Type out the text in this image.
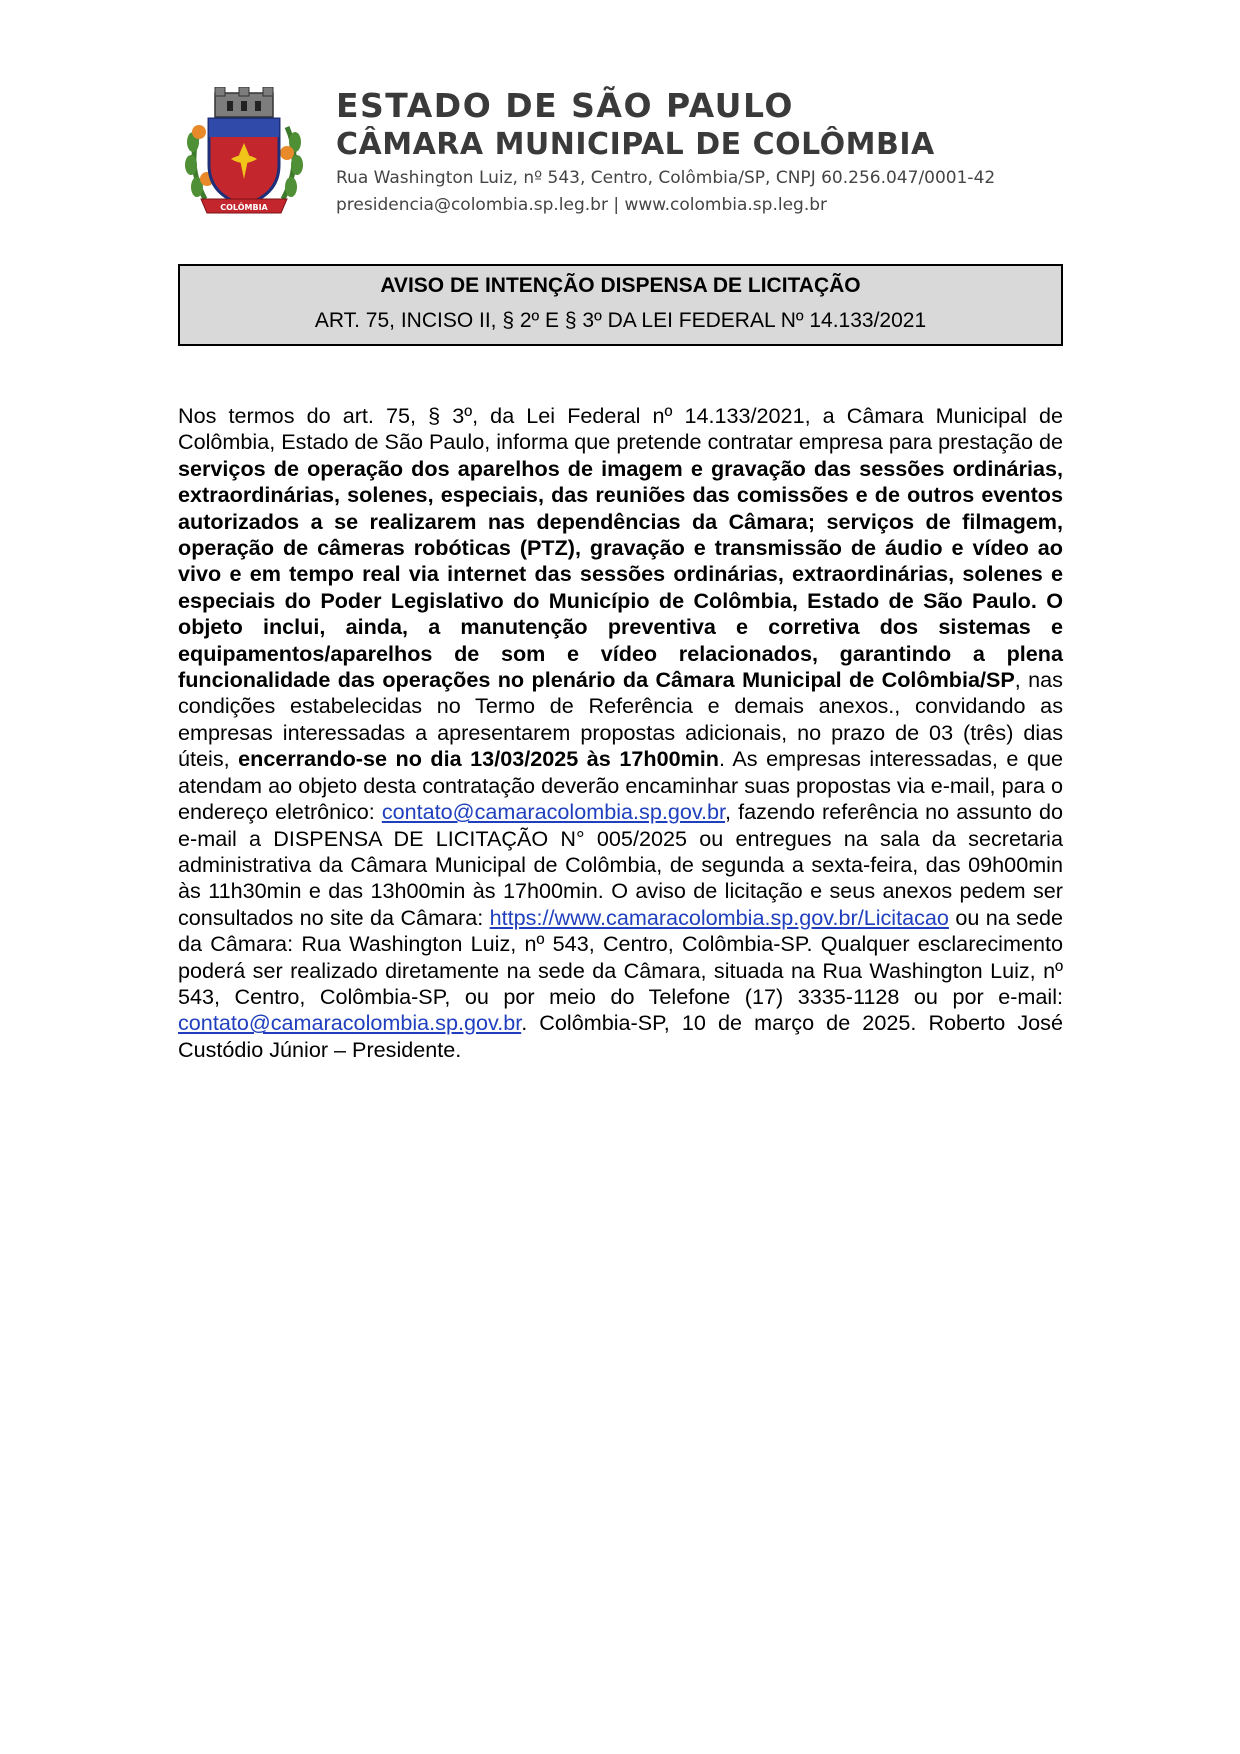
COLÔMBIA
ESTADO DE SÃO PAULO
CÂMARA MUNICIPAL DE COLÔMBIA
Rua Washington Luiz, nº 543, Centro, Colômbia/SP, CNPJ 60.256.047/0001-42
presidencia@colombia.sp.leg.br | www.colombia.sp.leg.br
AVISO DE INTENÇÃO DISPENSA DE LICITAÇÃO
ART. 75, INCISO II, § 2º E § 3º DA LEI FEDERAL Nº 14.133/2021

Nos termos do art. 75, § 3º, da Lei Federal nº 14.133/2021, a Câmara Municipal de Colômbia, Estado de São Paulo, informa que pretende contratar empresa para prestação de serviços de operação dos aparelhos de imagem e gravação das sessões ordinárias, extraordinárias, solenes, especiais, das reuniões das comissões e de outros eventos autorizados a se realizarem nas dependências da Câmara; serviços de filmagem, operação de câmeras robóticas (PTZ), gravação e transmissão de áudio e vídeo ao vivo e em tempo real via internet das sessões ordinárias, extraordinárias, solenes e especiais do Poder Legislativo do Município de Colômbia, Estado de São Paulo. O objeto inclui, ainda, a manutenção preventiva e corretiva dos sistemas e equipamentos/aparelhos de som e vídeo relacionados, garantindo a plena funcionalidade das operações no plenário da Câmara Municipal de Colômbia/SP, nas condições estabelecidas no Termo de Referência e demais anexos., convidando as empresas interessadas a apresentarem propostas adicionais, no prazo de 03 (três) dias úteis, encerrando-se no dia 13/03/2025 às 17h00min. As empresas interessadas, e que atendam ao objeto desta contratação deverão encaminhar suas propostas via e-mail, para o endereço eletrônico: contato@camaracolombia.sp.gov.br, fazendo referência no assunto do e-mail a DISPENSA DE LICITAÇÃO N° 005/2025 ou entregues na sala da secretaria administrativa da Câmara Municipal de Colômbia, de segunda a sexta-feira, das 09h00min às 11h30min e das 13h00min às 17h00min. O aviso de licitação e seus anexos pedem ser consultados no site da Câmara: https://www.camaracolombia.sp.gov.br/Licitacao ou na sede da Câmara: Rua Washington Luiz, nº 543, Centro, Colômbia-SP. Qualquer esclarecimento poderá ser realizado diretamente na sede da Câmara, situada na Rua Washington Luiz, nº 543, Centro, Colômbia-SP, ou por meio do Telefone (17) 3335-1128 ou por e-mail: contato@camaracolombia.sp.gov.br. Colômbia-SP, 10 de março de 2025. Roberto José Custódio Júnior – Presidente.
